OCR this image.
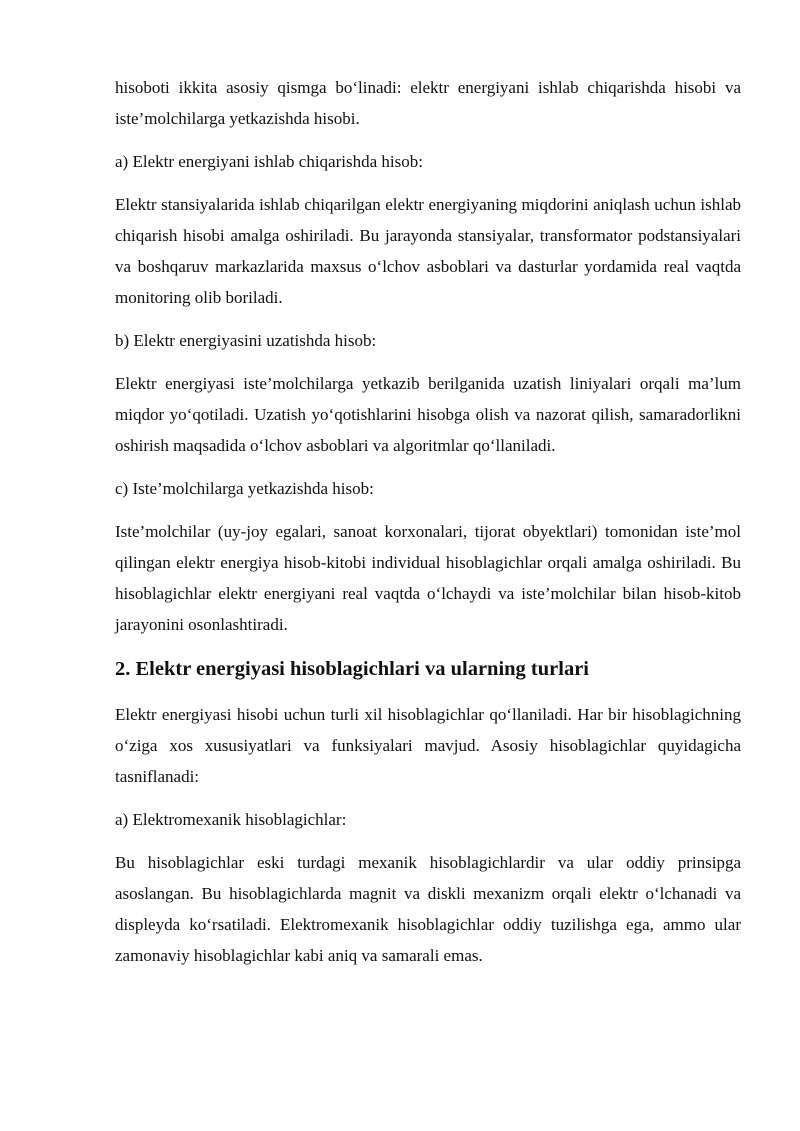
hisoboti ikkita asosiy qismga bo‘linadi: elektr energiyani ishlab chiqarishda hisobi va iste’molchilarga yetkazishda hisobi.

a) Elektr energiyani ishlab chiqarishda hisob:

Elektr stansiyalarida ishlab chiqarilgan elektr energiyaning miqdorini aniqlash uchun ishlab chiqarish hisobi amalga oshiriladi. Bu jarayonda stansiyalar, transformator podstansiyalari va boshqaruv markazlarida maxsus o‘lchov asboblari va dasturlar yordamida real vaqtda monitoring olib boriladi.

b) Elektr energiyasini uzatishda hisob:

Elektr energiyasi iste’molchilarga yetkazib berilganida uzatish liniyalari orqali ma’lum miqdor yo‘qotiladi. Uzatish yo‘qotishlarini hisobga olish va nazorat qilish, samaradorlikni oshirish maqsadida o‘lchov asboblari va algoritmlar qo‘llaniladi.

c) Iste’molchilarga yetkazishda hisob:

Iste’molchilar (uy-joy egalari, sanoat korxonalari, tijorat obyektlari) tomonidan iste’mol qilingan elektr energiya hisob-kitobi individual hisoblagichlar orqali amalga oshiriladi. Bu hisoblagichlar elektr energiyani real vaqtda o‘lchaydi va iste’molchilar bilan hisob-kitob jarayonini osonlashtiradi.

2. Elektr energiyasi hisoblagichlari va ularning turlari

Elektr energiyasi hisobi uchun turli xil hisoblagichlar qo‘llaniladi. Har bir hisoblagichning o‘ziga xos xususiyatlari va funksiyalari mavjud. Asosiy hisoblagichlar quyidagicha tasniflanadi:

a) Elektromexanik hisoblagichlar:

Bu hisoblagichlar eski turdagi mexanik hisoblagichlardir va ular oddiy prinsipga asoslangan. Bu hisoblagichlarda magnit va diskli mexanizm orqali elektr o‘lchanadi va displeyda ko‘rsatiladi. Elektromexanik hisoblagichlar oddiy tuzilishga ega, ammo ular zamonaviy hisoblagichlar kabi aniq va samarali emas.
